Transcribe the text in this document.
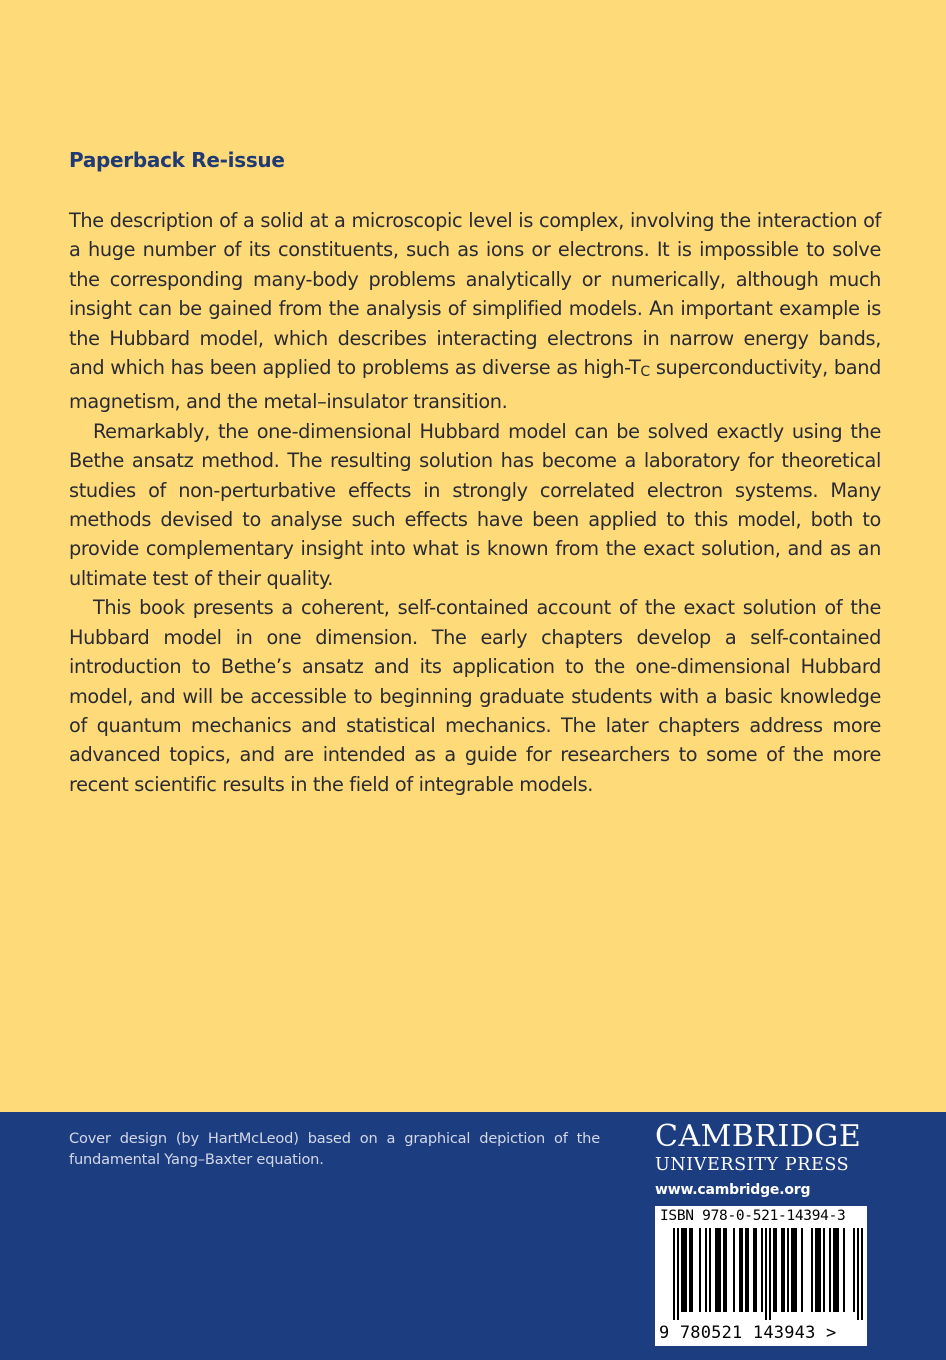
Paperback Re-issue

The description of a solid at a microscopic level is complex, involving the interaction of a huge number of its constituents, such as ions or electrons. It is impossible to solve the corresponding many-body problems analytically or numerically, although much insight can be gained from the analysis of simplified models. An important example is the Hubbard model, which describes interacting electrons in narrow energy bands, and which has been applied to problems as diverse as high-TC superconductivity, band magnetism, and the metal–insulator transition.

Remarkably, the one-dimensional Hubbard model can be solved exactly using the Bethe ansatz method. The resulting solution has become a laboratory for theoretical studies of non-perturbative effects in strongly correlated electron systems. Many methods devised to analyse such effects have been applied to this model, both to provide complementary insight into what is known from the exact solution, and as an ultimate test of their quality.

This book presents a coherent, self-contained account of the exact solution of the Hubbard model in one dimension. The early chapters develop a self-contained introduction to Bethe’s ansatz and its application to the one-dimensional Hubbard model, and will be accessible to beginning graduate students with a basic knowledge of quantum mechanics and statistical mechanics. The later chapters address more advanced topics, and are intended as a guide for researchers to some of the more recent scientific results in the field of integrable models.

Cover design (by HartMcLeod) based on a graphical depiction of the fundamental Yang–Baxter equation.
CAMBRIDGE
UNIVERSITY PRESS
www.cambridge.org
ISBN 978-0-521-14394-3
9 780521 143943 >
